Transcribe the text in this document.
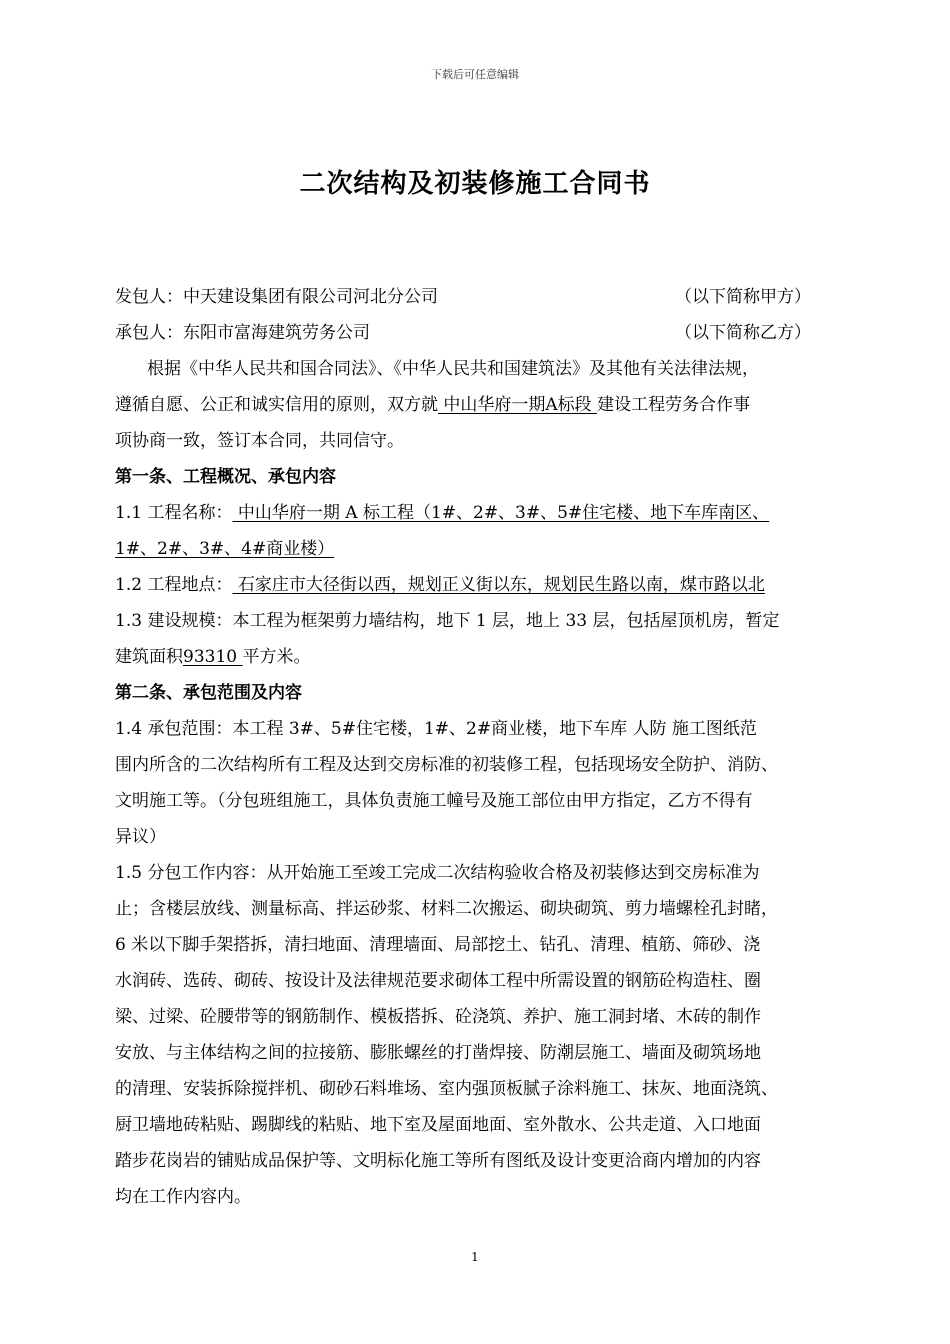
下载后可任意编辑
二次结构及初装修施工合同书
发包人：中天建设集团有限公司河北分公司	（以下简称甲方）
承包人：东阳市富海建筑劳务公司	（以下简称乙方）
根据《中华人民共和国合同法》、《中华人民共和国建筑法》及其他有关法律法规，
遵循自愿、公正和诚实信用的原则，双方就 中山华府一期A标段 建设工程劳务合作事
项协商一致，签订本合同，共同信守。
第一条、工程概况、承包内容
1.1 工程名称： 中山华府一期 A 标工程（1#、2#、3#、5#住宅楼、地下车库南区、
1#、2#、3#、4#商业楼）
1.2 工程地点： 石家庄市大径街以西，规划正义街以东，规划民生路以南，煤市路以北
1.3 建设规模：本工程为框架剪力墙结构，地下 1 层，地上 33 层，包括屋顶机房，暂定
建筑面积93310 平方米。
第二条、承包范围及内容
1.4 承包范围：本工程 3#、5#住宅楼，1#、2#商业楼，地下车库 人防 施工图纸范
围内所含的二次结构所有工程及达到交房标准的初装修工程，包括现场安全防护、消防、
文明施工等。（分包班组施工，具体负责施工幢号及施工部位由甲方指定，乙方不得有
异议）
1.5 分包工作内容：从开始施工至竣工完成二次结构验收合格及初装修达到交房标准为
止；含楼层放线、测量标高、拌运砂浆、材料二次搬运、砌块砌筑、剪力墙螺栓孔封睹，
6 米以下脚手架搭拆，清扫地面、清理墙面、局部挖土、钻孔、清理、植筋、筛砂、浇
水润砖、选砖、砌砖、按设计及法律规范要求砌体工程中所需设置的钢筋砼构造柱、圈
梁、过梁、砼腰带等的钢筋制作、模板搭拆、砼浇筑、养护、施工洞封堵、木砖的制作
安放、与主体结构之间的拉接筋、膨胀螺丝的打凿焊接、防潮层施工、墙面及砌筑场地
的清理、安装拆除搅拌机、砌砂石料堆场、室内强顶板腻子涂料施工、抹灰、地面浇筑、
厨卫墙地砖粘贴、踢脚线的粘贴、地下室及屋面地面、室外散水、公共走道、入口地面
踏步花岗岩的铺贴成品保护等、文明标化施工等所有图纸及设计变更洽商内增加的内容
均在工作内容内。
1
